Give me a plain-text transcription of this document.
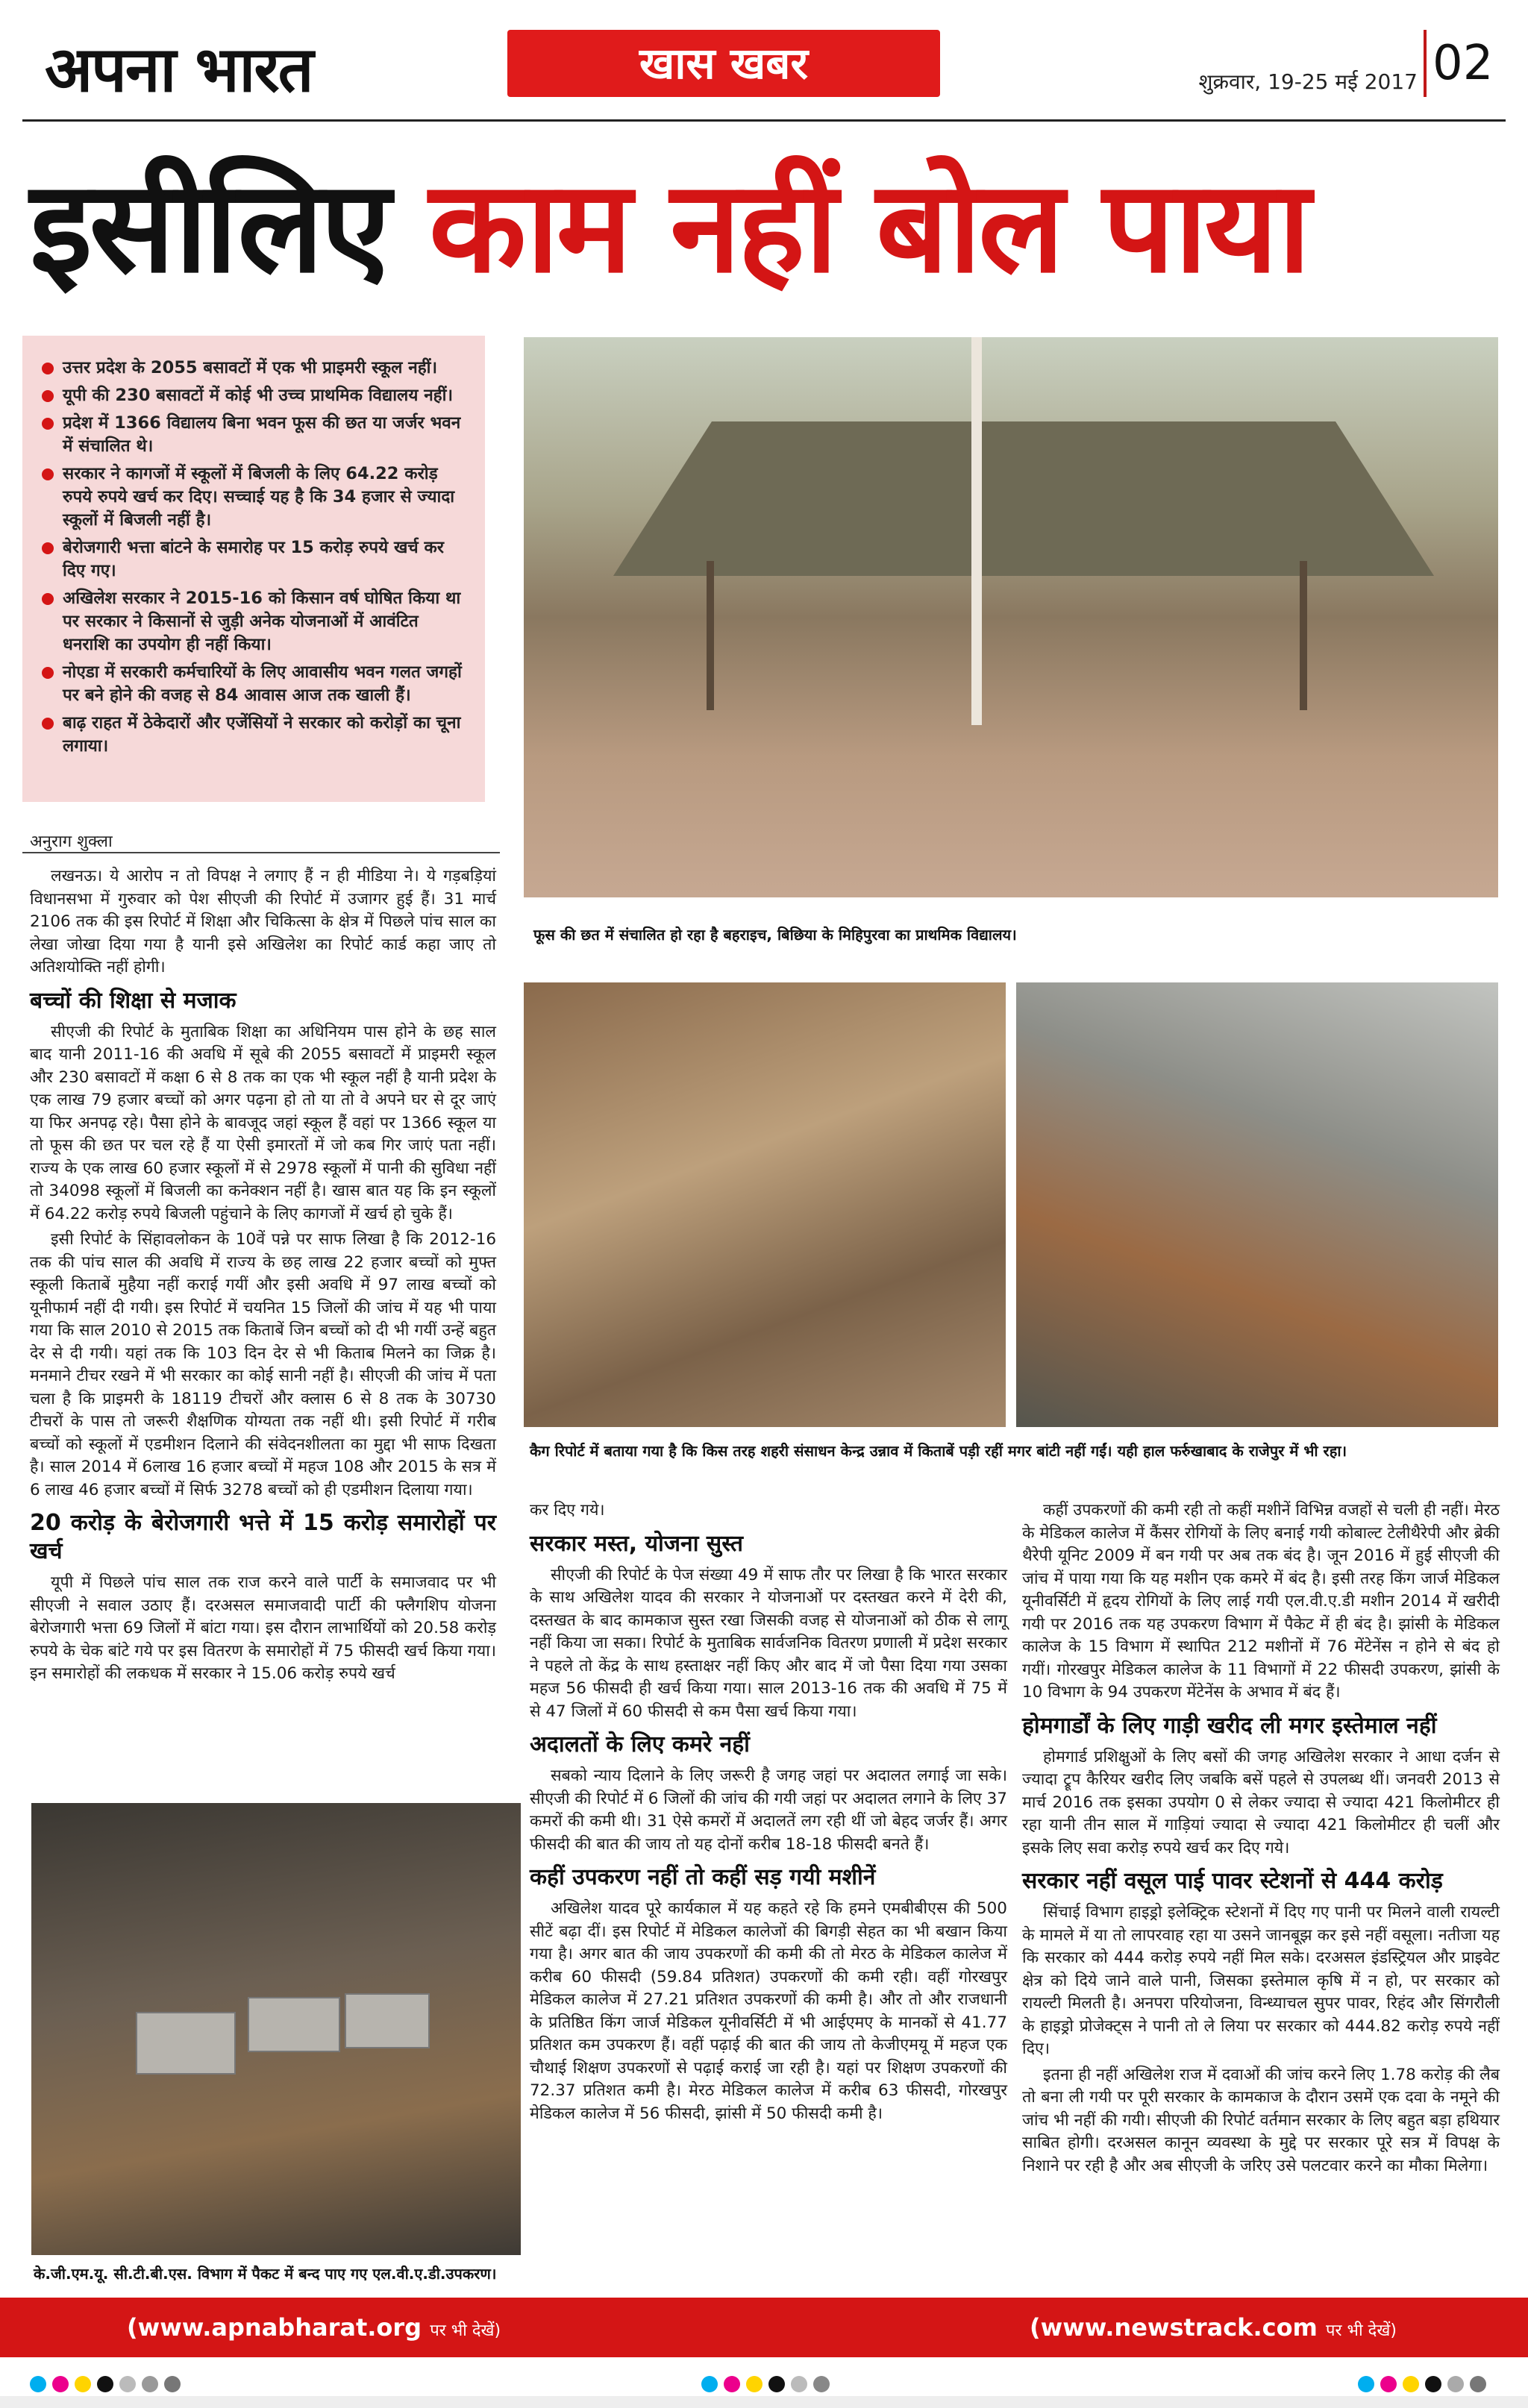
अपना भारत	खास खबर	शुक्रवार, 19-25 मई 2017 02
इसीलिए काम नहीं बोल पाया
उत्तर प्रदेश के 2055 बसावटों में एक भी प्राइमरी स्कूल नहीं।
यूपी की 230 बसावटों में कोई भी उच्च प्राथमिक विद्यालय नहीं।
प्रदेश में 1366 विद्यालय बिना भवन फूस की छत या जर्जर भवन में संचालित थे।
सरकार ने कागजों में स्कूलों में बिजली के लिए 64.22 करोड़ रुपये रुपये खर्च कर दिए। सच्चाई यह है कि 34 हजार से ज्यादा स्कूलों में बिजली नहीं है।
बेरोजगारी भत्ता बांटने के समारोह पर 15 करोड़ रुपये खर्च कर दिए गए।
अखिलेश सरकार ने 2015-16 को किसान वर्ष घोषित किया था पर सरकार ने किसानों से जुड़ी अनेक योजनाओं में आवंटित धनराशि का उपयोग ही नहीं किया।
नोएडा में सरकारी कर्मचारियों के लिए आवासीय भवन गलत जगहों पर बने होने की वजह से 84 आवास आज तक खाली हैं।
बाढ़ राहत में ठेकेदारों और एजेंसियों ने सरकार को करोड़ों का चूना लगाया।
फूस की छत में संचालित हो रहा है बहराइच, बिछिया के मिहिपुरवा का प्राथमिक विद्यालय।
कैग रिपोर्ट में बताया गया है कि किस तरह शहरी संसाधन केन्द्र उन्नाव में किताबें पड़ी रहीं मगर बांटी नहीं गईं। यही हाल फर्रुखाबाद के राजेपुर में भी रहा।
अनुराग शुक्ला

लखनऊ। ये आरोप न तो विपक्ष ने लगाए हैं न ही मीडिया ने। ये गड़बड़ियां विधानसभा में गुरुवार को पेश सीएजी की रिपोर्ट में उजागर हुई हैं। 31 मार्च 2106 तक की इस रिपोर्ट में शिक्षा और चिकित्सा के क्षेत्र में पिछले पांच साल का लेखा जोखा दिया गया है यानी इसे अखिलेश का रिपोर्ट कार्ड कहा जाए तो अतिशयोक्ति नहीं होगी।

बच्चों की शिक्षा से मजाक

सीएजी की रिपोर्ट के मुताबिक शिक्षा का अधिनियम पास होने के छह साल बाद यानी 2011-16 की अवधि में सूबे की 2055 बसावटों में प्राइमरी स्कूल और 230 बसावटों में कक्षा 6 से 8 तक का एक भी स्कूल नहीं है यानी प्रदेश के एक लाख 79 हजार बच्चों को अगर पढ़ना हो तो या तो वे अपने घर से दूर जाएं या फिर अनपढ़ रहे। पैसा होने के बावजूद जहां स्कूल हैं वहां पर 1366 स्कूल या तो फूस की छत पर चल रहे हैं या ऐसी इमारतों में जो कब गिर जाएं पता नहीं। राज्य के एक लाख 60 हजार स्कूलों में से 2978 स्कूलों में पानी की सुविधा नहीं तो 34098 स्कूलों में बिजली का कनेक्शन नहीं है। खास बात यह कि इन स्कूलों में 64.22 करोड़ रुपये बिजली पहुंचाने के लिए कागजों में खर्च हो चुके हैं।

इसी रिपोर्ट के सिंहावलोकन के 10वें पन्ने पर साफ लिखा है कि 2012-16 तक की पांच साल की अवधि में राज्य के छह लाख 22 हजार बच्चों को मुफ्त स्कूली किताबें मुहैया नहीं कराई गयीं और इसी अवधि में 97 लाख बच्चों को यूनीफार्म नहीं दी गयी। इस रिपोर्ट में चयनित 15 जिलों की जांच में यह भी पाया गया कि साल 2010 से 2015 तक किताबें जिन बच्चों को दी भी गयीं उन्हें बहुत देर से दी गयी। यहां तक कि 103 दिन देर से भी किताब मिलने का जिक्र है। मनमाने टीचर रखने में भी सरकार का कोई सानी नहीं है। सीएजी की जांच में पता चला है कि प्राइमरी के 18119 टीचरों और क्लास 6 से 8 तक के 30730 टीचरों के पास तो जरूरी शैक्षणिक योग्यता तक नहीं थी। इसी रिपोर्ट में गरीब बच्चों को स्कूलों में एडमीशन दिलाने की संवेदनशीलता का मुद्दा भी साफ दिखता है। साल 2014 में 6लाख 16 हजार बच्चों में महज 108 और 2015 के सत्र में 6 लाख 46 हजार बच्चों में सिर्फ 3278 बच्चों को ही एडमीशन दिलाया गया।

20 करोड़ के बेरोजगारी भत्ते में 15 करोड़ समारोहों पर खर्च

यूपी में पिछले पांच साल तक राज करने वाले पार्टी के समाजवाद पर भी सीएजी ने सवाल उठाए हैं। दरअसल समाजवादी पार्टी की फ्लैगशिप योजना बेरोजगारी भत्ता 69 जिलों में बांटा गया। इस दौरान लाभार्थियों को 20.58 करोड़ रुपये के चेक बांटे गये पर इस वितरण के समारोहों में 75 फीसदी खर्च किया गया। इन समारोहों की लकधक में सरकार ने 15.06 करोड़ रुपये खर्च

के.जी.एम.यू. सी.टी.बी.एस. विभाग में पैकट में बन्द पाए गए एल.वी.ए.डी.उपकरण।

कर दिए गये।

सरकार मस्त, योजना सुस्त

सीएजी की रिपोर्ट के पेज संख्या 49 में साफ तौर पर लिखा है कि भारत सरकार के साथ अखिलेश यादव की सरकार ने योजनाओं पर दस्तखत करने में देरी की, दस्तखत के बाद कामकाज सुस्त रखा जिसकी वजह से योजनाओं को ठीक से लागू नहीं किया जा सका। रिपोर्ट के मुताबिक सार्वजनिक वितरण प्रणाली में प्रदेश सरकार ने पहले तो केंद्र के साथ हस्ताक्षर नहीं किए और बाद में जो पैसा दिया गया उसका महज 56 फीसदी ही खर्च किया गया। साल 2013-16 तक की अवधि में 75 में से 47 जिलों में 60 फीसदी से कम पैसा खर्च किया गया।

अदालतों के लिए कमरे नहीं

सबको न्याय दिलाने के लिए जरूरी है जगह जहां पर अदालत लगाई जा सके। सीएजी की रिपोर्ट में 6 जिलों की जांच की गयी जहां पर अदालत लगाने के लिए 37 कमरों की कमी थी। 31 ऐसे कमरों में अदालतें लग रही थीं जो बेहद जर्जर हैं। अगर फीसदी की बात की जाय तो यह दोनों करीब 18-18 फीसदी बनते हैं।

कहीं उपकरण नहीं तो कहीं सड़ गयी मशीनें

अखिलेश यादव पूरे कार्यकाल में यह कहते रहे कि हमने एमबीबीएस की 500 सीटें बढ़ा दीं। इस रिपोर्ट में मेडिकल कालेजों की बिगड़ी सेहत का भी बखान किया गया है। अगर बात की जाय उपकरणों की कमी की तो मेरठ के मेडिकल कालेज में करीब 60 फीसदी (59.84 प्रतिशत) उपकरणों की कमी रही। वहीं गोरखपुर मेडिकल कालेज में 27.21 प्रतिशत उपकरणों की कमी है। और तो और राजधानी के प्रतिष्ठित किंग जार्ज मेडिकल यूनीवर्सिटी में भी आईएमए के मानकों से 41.77 प्रतिशत कम उपकरण हैं। वहीं पढ़ाई की बात की जाय तो केजीएमयू में महज एक चौथाई शिक्षण उपकरणों से पढ़ाई कराई जा रही है। यहां पर शिक्षण उपकरणों की 72.37 प्रतिशत कमी है। मेरठ मेडिकल कालेज में करीब 63 फीसदी, गोरखपुर मेडिकल कालेज में 56 फीसदी, झांसी में 50 फीसदी कमी है।

कहीं उपकरणों की कमी रही तो कहीं मशीनें विभिन्न वजहों से चली ही नहीं। मेरठ के मेडिकल कालेज में कैंसर रोगियों के लिए बनाई गयी कोबाल्ट टेलीथैरेपी और ब्रेकी थैरेपी यूनिट 2009 में बन गयी पर अब तक बंद है। जून 2016 में हुई सीएजी की जांच में पाया गया कि यह मशीन एक कमरे में बंद है। इसी तरह किंग जार्ज मेडिकल यूनीवर्सिटी में हृदय रोगियों के लिए लाई गयी एल.वी.ए.डी मशीन 2014 में खरीदी गयी पर 2016 तक यह उपकरण विभाग में पैकेट में ही बंद है। झांसी के मेडिकल कालेज के 15 विभाग में स्थापित 212 मशीनों में 76 मेंटेनेंस न होने से बंद हो गयीं। गोरखपुर मेडिकल कालेज के 11 विभागों में 22 फीसदी उपकरण, झांसी के 10 विभाग के 94 उपकरण मेंटेनेंस के अभाव में बंद हैं।

होमगार्डों के लिए गाड़ी खरीद ली मगर इस्तेमाल नहीं

होमगार्ड प्रशिक्षुओं के लिए बसों की जगह अखिलेश सरकार ने आधा दर्जन से ज्यादा ट्रूप कैरियर खरीद लिए जबकि बसें पहले से उपलब्ध थीं। जनवरी 2013 से मार्च 2016 तक इसका उपयोग 0 से लेकर ज्यादा से ज्यादा 421 किलोमीटर ही रहा यानी तीन साल में गाड़ियां ज्यादा से ज्यादा 421 किलोमीटर ही चलीं और इसके लिए सवा करोड़ रुपये खर्च कर दिए गये।

सरकार नहीं वसूल पाई पावर स्टेशनों से 444 करोड़

सिंचाई विभाग हाइड्रो इलेक्ट्रिक स्टेशनों में दिए गए पानी पर मिलने वाली रायल्टी के मामले में या तो लापरवाह रहा या उसने जानबूझ कर इसे नहीं वसूला। नतीजा यह कि सरकार को 444 करोड़ रुपये नहीं मिल सके। दरअसल इंडस्ट्रियल और प्राइवेट क्षेत्र को दिये जाने वाले पानी, जिसका इस्तेमाल कृषि में न हो, पर सरकार को रायल्टी मिलती है। अनपरा परियोजना, विन्ध्याचल सुपर पावर, रिहंद और सिंगरौली के हाइड्रो प्रोजेक्ट्स ने पानी तो ले लिया पर सरकार को 444.82 करोड़ रुपये नहीं दिए।

इतना ही नहीं अखिलेश राज में दवाओं की जांच करने लिए 1.78 करोड़ की लैब तो बना ली गयी पर पूरी सरकार के कामकाज के दौरान उसमें एक दवा के नमूने की जांच भी नहीं की गयी। सीएजी की रिपोर्ट वर्तमान सरकार के लिए बहुत बड़ा हथियार साबित होगी। दरअसल कानून व्यवस्था के मुद्दे पर सरकार पूरे सत्र में विपक्ष के निशाने पर रही है और अब सीएजी के जरिए उसे पलटवार करने का मौका मिलेगा।

(www.apnabharat.org पर भी देखें)	(www.newstrack.com पर भी देखें)
